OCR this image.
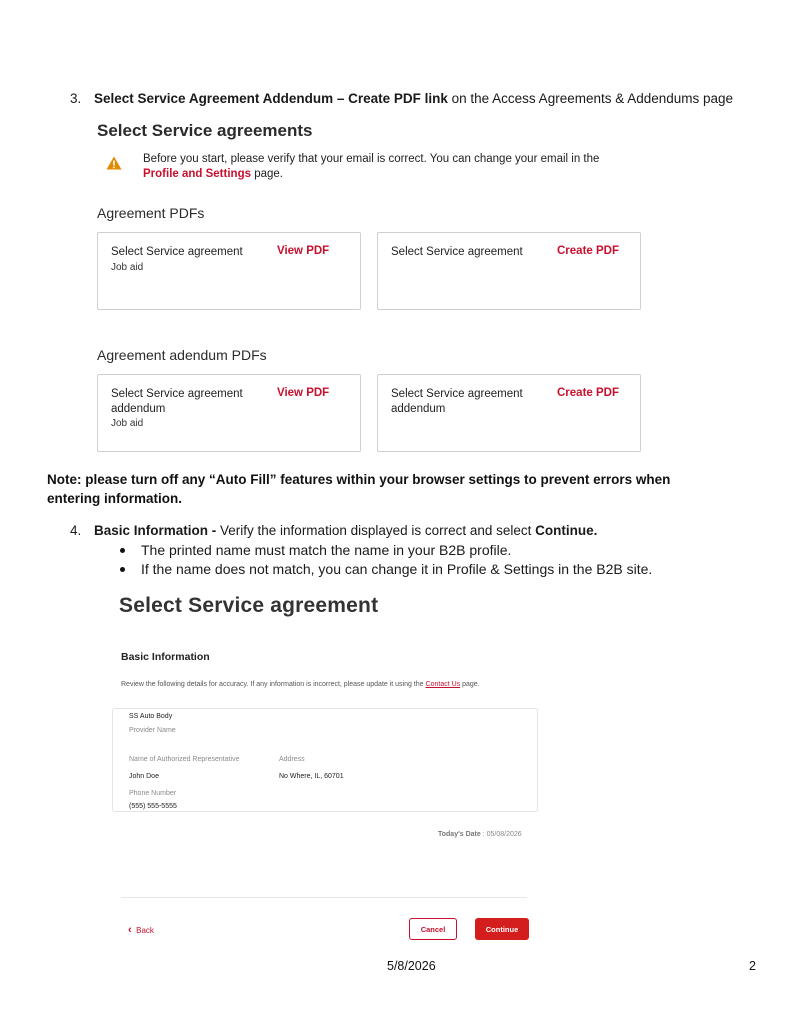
3. Select Service Agreement Addendum – Create PDF link on the Access Agreements & Addendums page
Select Service agreements
Before you start, please verify that your email is correct. You can change your email in the
Profile and Settings page.
Agreement PDFs
Select Service agreement
Job aid
View PDF	Select Service agreement	Create PDF
Agreement adendum PDFs
Select Service agreement
addendum
Job aid
View PDF	Select Service agreement
addendum
Create PDF
Note: please turn off any “Auto Fill” features within your browser settings to prevent errors when
entering information.
4. Basic Information - Verify the information displayed is correct and select Continue.
The printed name must match the name in your B2B profile.
If the name does not match, you can change it in Profile & Settings in the B2B site.
Select Service agreement
Basic Information
Review the following details for accuracy. If any information is incorrect, please update it using the Contact Us page.
SS Auto Body
Provider Name
Name of Authorized Representative	Address
John Doe	No Where, IL, 60701
Phone Number
(555) 555-5555
Today's Date : 05/08/2026
‹ Back	Cancel	Continue
5/8/2026	2
